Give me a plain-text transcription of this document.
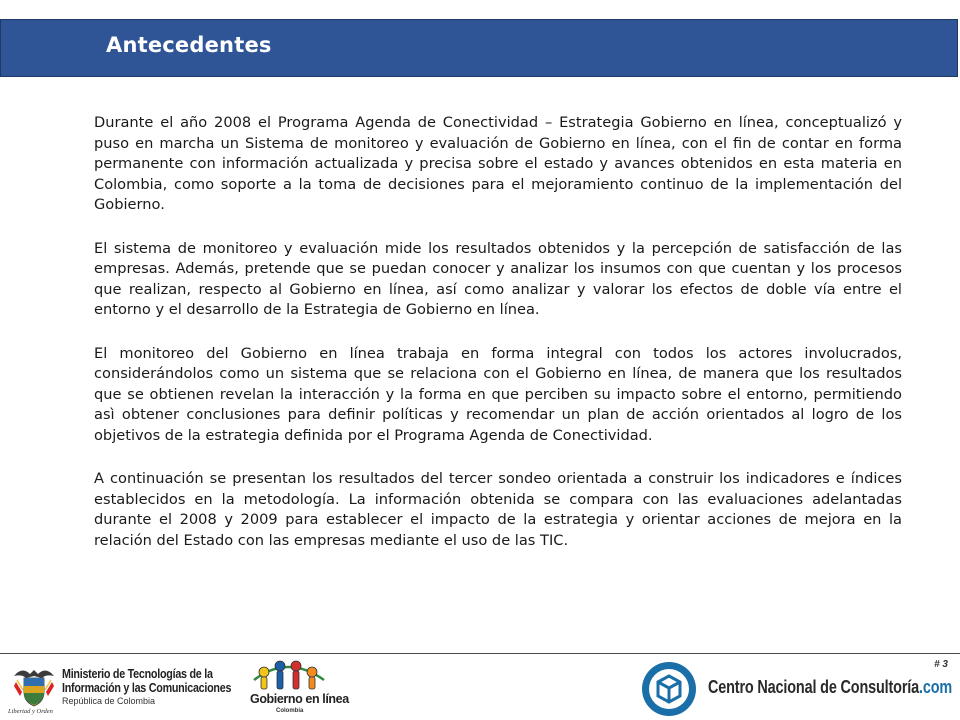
Antecedentes

Durante el año 2008 el Programa Agenda de Conectividad – Estrategia Gobierno en línea, conceptualizó y puso en marcha un Sistema de monitoreo y evaluación de Gobierno en línea, con el fin de contar en forma permanente con información actualizada y precisa sobre el estado y avances obtenidos en esta materia en Colombia, como soporte a la toma de decisiones para el mejoramiento continuo de la implementación del Gobierno.

El sistema de monitoreo y evaluación mide los resultados obtenidos y la percepción de satisfacción de las empresas. Además, pretende que se puedan conocer y analizar los insumos con que cuentan y los procesos que realizan, respecto al Gobierno en línea, así como analizar y valorar los efectos de doble vía entre el entorno y el desarrollo de la Estrategia de Gobierno en línea.

El monitoreo del Gobierno en línea trabaja en forma integral con todos los actores involucrados, considerándolos como un sistema que se relaciona con el Gobierno en línea, de manera que los resultados que se obtienen revelan la interacción y la forma en que perciben su impacto sobre el entorno, permitiendo asì obtener conclusiones para definir políticas y recomendar un plan de acción orientados al logro de los objetivos de la estrategia definida por el Programa Agenda de Conectividad.

A continuación se presentan los resultados del tercer sondeo orientada a construir los indicadores e índices establecidos en la metodología. La información obtenida se compara con las evaluaciones adelantadas durante el 2008 y 2009 para establecer el impacto de la estrategia y orientar acciones de mejora en la relación del Estado con las empresas mediante el uso de las TIC.

# 3
Libertad y Orden
Ministerio de Tecnologías de la
Información y las Comunicaciones
República de Colombia	Gobierno en línea
Colombia
Centro Nacional de Consultoría.com
